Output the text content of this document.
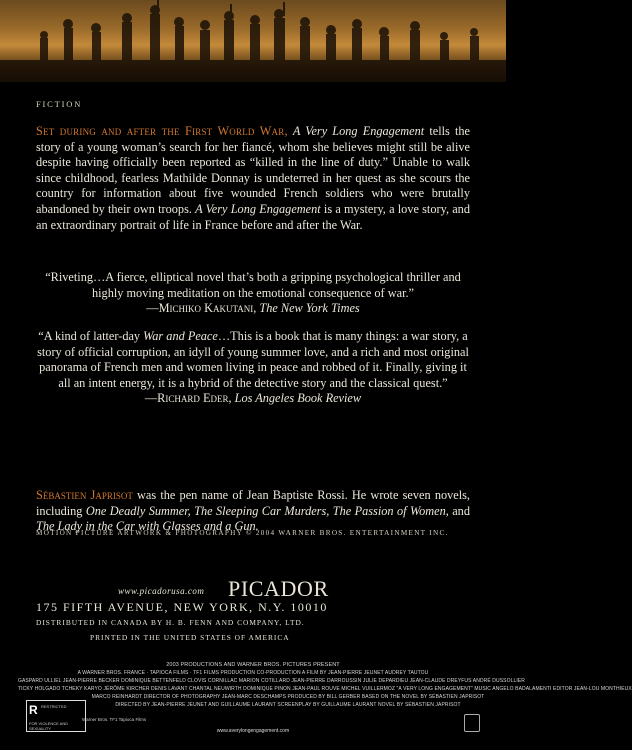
FICTION
Set during and after the First World War, A Very Long Engagement tells the story of a young woman’s search for her fiancé, whom she believes might still be alive despite having officially been reported as “killed in the line of duty.” Unable to walk since childhood, fearless Mathilde Donnay is undeterred in her quest as she scours the country for information about five wounded French soldiers who were brutally abandoned by their own troops. A Very Long Engagement is a mystery, a love story, and an extraordinary portrait of life in France before and after the War.
“Riveting…A fierce, elliptical novel that’s both a gripping psychological thriller and highly moving meditation on the emotional consequence of war.”
—Michiko Kakutani, The New York Times
“A kind of latter-day War and Peace…This is a book that is many things: a war story, a story of official corruption, an idyll of young summer love, and a rich and most original panorama of French men and women living in peace and robbed of it. Finally, giving it all an intent energy, it is a hybrid of the detective story and the classical quest.”
—Richard Eder, Los Angeles Book Review
Sébastien Japrisot was the pen name of Jean Baptiste Rossi. He wrote seven novels, including One Deadly Summer, The Sleeping Car Murders, The Passion of Women, and The Lady in the Car with Glasses and a Gun.
MOTION PICTURE ARTWORK & PHOTOGRAPHY © 2004 WARNER BROS. ENTERTAINMENT INC.
www.picadorusa.com PICADOR
175 FIFTH AVENUE, NEW YORK, N.Y. 10010
DISTRIBUTED IN CANADA BY H. B. FENN AND COMPANY, LTD.
PRINTED IN THE UNITED STATES OF AMERICA
2003 PRODUCTIONS AND WARNER BROS. PICTURES PRESENT
A WARNER BROS. FRANCE · TAPIOCA FILMS · TF1 FILMS PRODUCTION CO-PRODUCTION A FILM BY JEAN-PIERRE JEUNET AUDREY TAUTOU
GASPARD ULLIEL JEAN-PIERRE BECKER DOMINIQUE BETTENFELD CLOVIS CORNILLAC MARION COTILLARD JEAN-PIERRE DARROUSSIN JULIE DEPARDIEU JEAN-CLAUDE DREYFUS ANDRÉ DUSSOLLIER
TICKY HOLGADO TCHEKY KARYO JÉRÔME KIRCHER DENIS LAVANT CHANTAL NEUWIRTH DOMINIQUE PINON JEAN-PAUL ROUVE MICHEL VUILLERMOZ "A VERY LONG ENGAGEMENT" MUSIC ANGELO BADALAMENTI EDITOR JEAN-LOU MONTHIEUX
MARCO REINHARDT DIRECTOR OF PHOTOGRAPHY JEAN-MARC DESCHAMPS PRODUCED BY BILL GERBER BASED ON THE NOVEL BY SÉBASTIEN JAPRISOT
DIRECTED BY JEAN-PIERRE JEUNET AND GUILLAUME LAURANT SCREENPLAY BY GUILLAUME LAURANT NOVEL BY SÉBASTIEN JAPRISOT
R RESTRICTED
FOR VIOLENCE AND SEXUALITY
Warner Bros. TF1 Tapioca Films
www.averylongengagement.com
